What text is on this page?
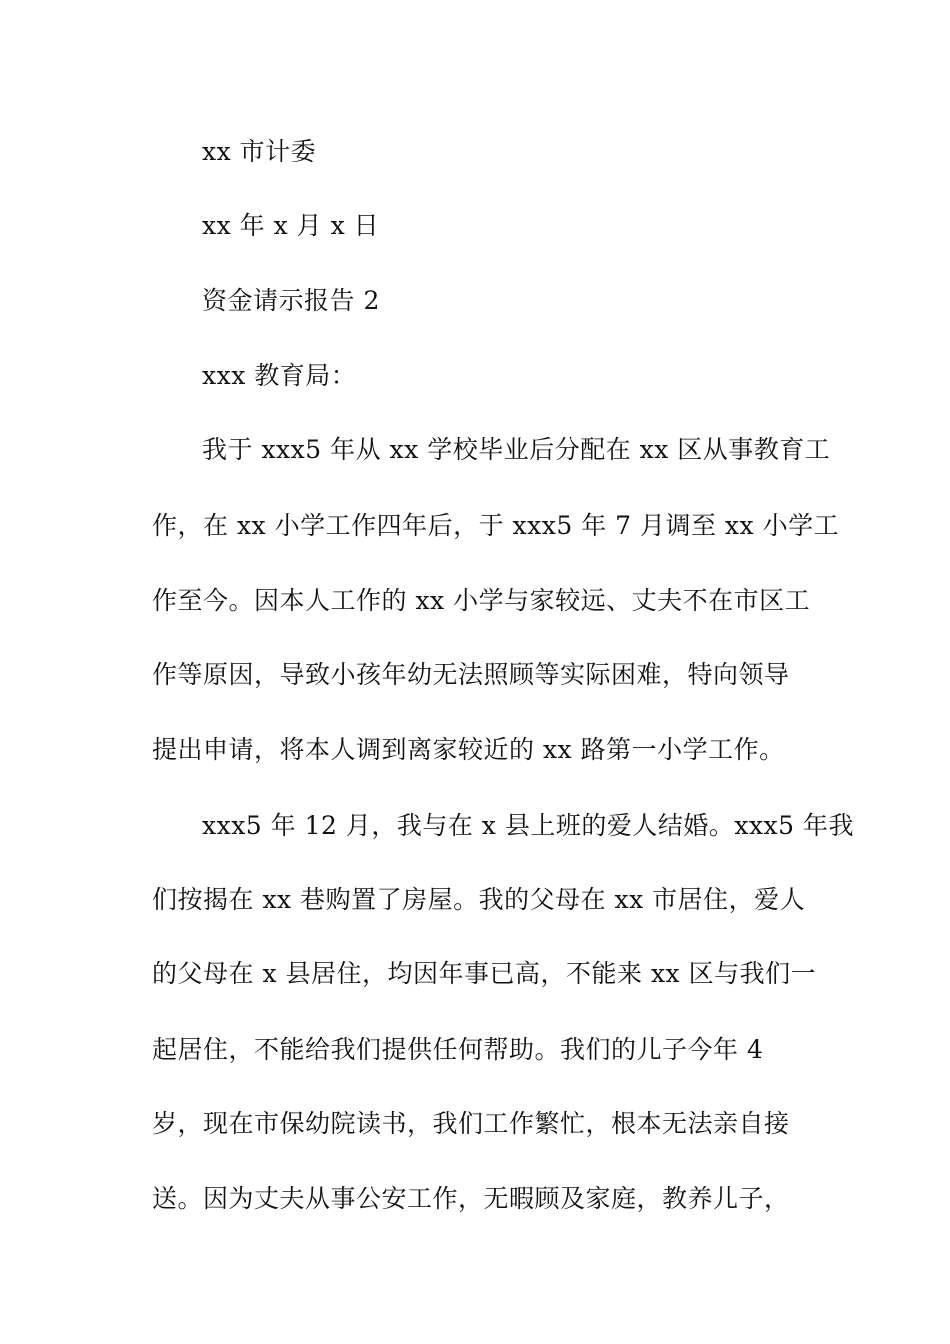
xx 市计委
xx 年 x 月 x 日
资金请示报告 2
xxx 教育局：
我于 xxx5 年从 xx 学校毕业后分配在 xx 区从事教育工
作，在 xx 小学工作四年后，于 xxx5 年 7 月调至 xx 小学工
作至今。因本人工作的 xx 小学与家较远、丈夫不在市区工
作等原因，导致小孩年幼无法照顾等实际困难，特向领导
提出申请，将本人调到离家较近的 xx 路第一小学工作。
xxx5 年 12 月，我与在 x 县上班的爱人结婚。xxx5 年我
们按揭在 xx 巷购置了房屋。我的父母在 xx 市居住，爱人
的父母在 x 县居住，均因年事已高，不能来 xx 区与我们一
起居住，不能给我们提供任何帮助。我们的儿子今年 4
岁，现在市保幼院读书，我们工作繁忙，根本无法亲自接
送。因为丈夫从事公安工作，无暇顾及家庭，教养儿子，
